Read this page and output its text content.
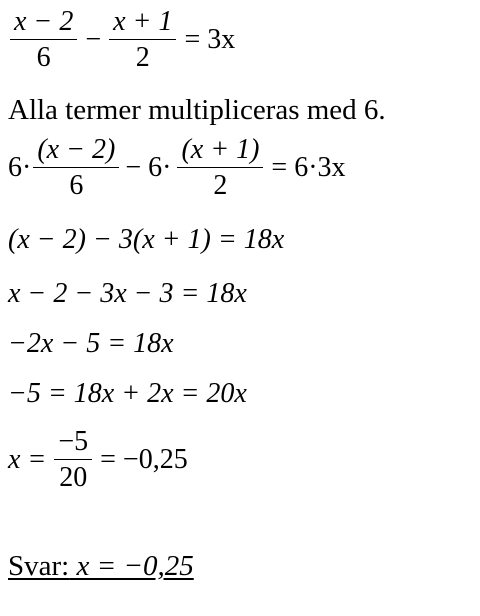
$\frac{x - 2}{6} - \frac{x + 1}{2} = 3x$
Alla termer multipliceras med 6.
$6\cdot \frac{(x - 2)}{6} - 6\cdot \frac{(x + 1)}{2} = 6\cdot 3x$
(x − 2) − 3(x + 1) = 18x
x − 2 − 3x − 3 = 18x
−2x − 5 = 18x
−5 = 18x + 2x = 20x
$x = \frac{-5}{20} = -0,25$
Svar: x = −0,25
